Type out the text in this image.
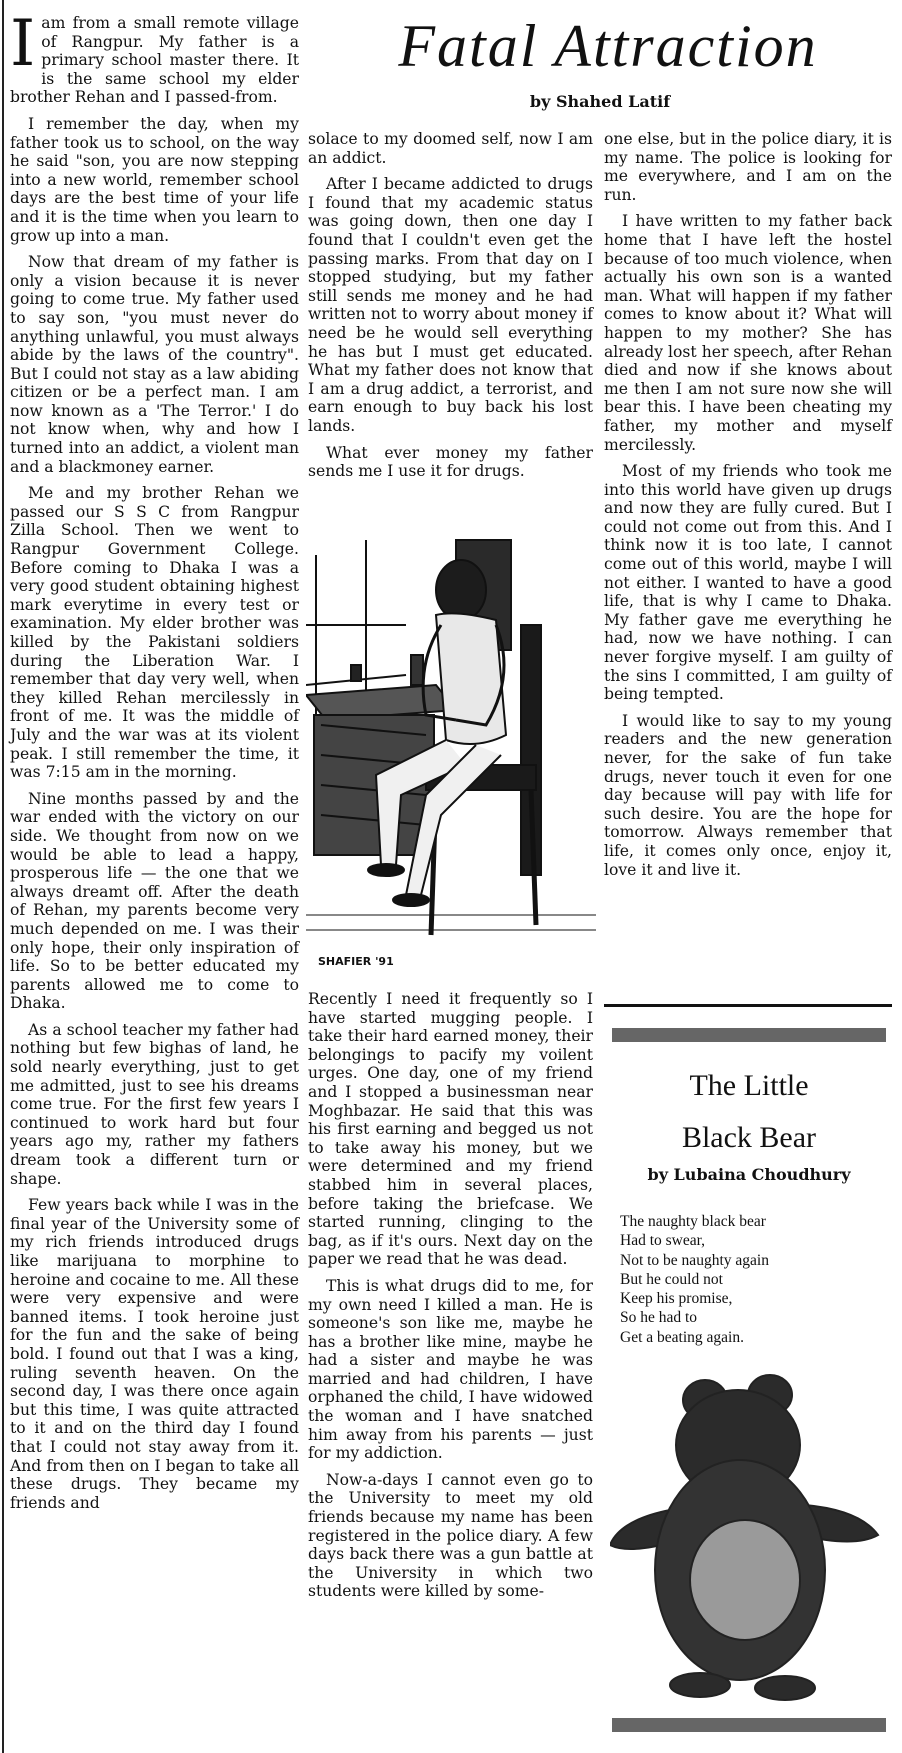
Fatal Attraction
by Shahed Latif

Iam from a small remote village of Rangpur. My father is a primary school master there. It is the same school my elder brother Rehan and I passed-from.

I remember the day, when my father took us to school, on the way he said "son, you are now stepping into a new world, remember school days are the best time of your life and it is the time when you learn to grow up into a man.

Now that dream of my father is only a vision because it is never going to come true. My father used to say son, "you must never do anything unlawful, you must always abide by the laws of the country". But I could not stay as a law abiding citizen or be a perfect man. I am now known as a 'The Terror.' I do not know when, why and how I turned into an addict, a violent man and a blackmoney earner.

Me and my brother Rehan we passed our S S C from Rangpur Zilla School. Then we went to Rangpur Government College. Before coming to Dhaka I was a very good student obtaining highest mark everytime in every test or examination. My elder brother was killed by the Pakistani soldiers during the Liberation War. I remember that day very well, when they killed Rehan mercilessly in front of me. It was the middle of July and the war was at its violent peak. I still remember the time, it was 7:15 am in the morning.

Nine months passed by and the war ended with the victory on our side. We thought from now on we would be able to lead a happy, prosperous life — the one that we always dreamt off. After the death of Rehan, my parents become very much depended on me. I was their only hope, their only inspiration of life. So to be better educated my parents allowed me to come to Dhaka.

As a school teacher my father had nothing but few bighas of land, he sold nearly everything, just to get me admitted, just to see his dreams come true. For the first few years I continued to work hard but four years ago my, rather my fathers dream took a different turn or shape.

Few years back while I was in the final year of the University some of my rich friends introduced drugs like marijuana to morphine to heroine and cocaine to me. All these were very expensive and were banned items. I took heroine just for the fun and the sake of being bold. I found out that I was a king, ruling seventh heaven. On the second day, I was there once again but this time, I was quite attracted to it and on the third day I found that I could not stay away from it. And from then on I began to take all these drugs. They became my friends and

solace to my doomed self, now I am an addict.

After I became addicted to drugs I found that my academic status was going down, then one day I found that I couldn't even get the passing marks. From that day on I stopped studying, but my father still sends me money and he had written not to worry about money if need be he would sell everything he has but I must get educated. What my father does not know that I am a drug addict, a terrorist, and earn enough to buy back his lost lands.

What ever money my father sends me I use it for drugs.

SHAFIER '91

Recently I need it frequently so I have started mugging people. I take their hard earned money, their belongings to pacify my voilent urges. One day, one of my friend and I stopped a businessman near Moghbazar. He said that this was his first earning and begged us not to take away his money, but we were determined and my friend stabbed him in several places, before taking the briefcase. We started running, clinging to the bag, as if it's ours. Next day on the paper we read that he was dead.

This is what drugs did to me, for my own need I killed a man. He is someone's son like me, maybe he has a brother like mine, maybe he had a sister and maybe he was married and had children, I have orphaned the child, I have widowed the woman and I have snatched him away from his parents — just for my addiction.

Now-a-days I cannot even go to the University to meet my old friends because my name has been registered in the police diary. A few days back there was a gun battle at the University in which two students were killed by some-

one else, but in the police diary, it is my name. The police is looking for me everywhere, and I am on the run.

I have written to my father back home that I have left the hostel because of too much violence, when actually his own son is a wanted man. What will happen if my father comes to know about it? What will happen to my mother? She has already lost her speech, after Rehan died and now if she knows about me then I am not sure now she will bear this. I have been cheating my father, my mother and myself mercilessly.

Most of my friends who took me into this world have given up drugs and now they are fully cured. But I could not come out from this. And I think now it is too late, I cannot come out of this world, maybe I will not either. I wanted to have a good life, that is why I came to Dhaka. My father gave me everything he had, now we have nothing. I can never forgive myself. I am guilty of the sins I committed, I am guilty of being tempted.

I would like to say to my young readers and the new generation never, for the sake of fun take drugs, never touch it even for one day because will pay with life for such desire. You are the hope for tomorrow. Always remember that life, it comes only once, enjoy it, love it and live it.

The Little
Black Bear
by Lubaina Choudhury
The naughty black bear
Had to swear,
Not to be naughty again
But he could not
Keep his promise,
So he had to
Get a beating again.
